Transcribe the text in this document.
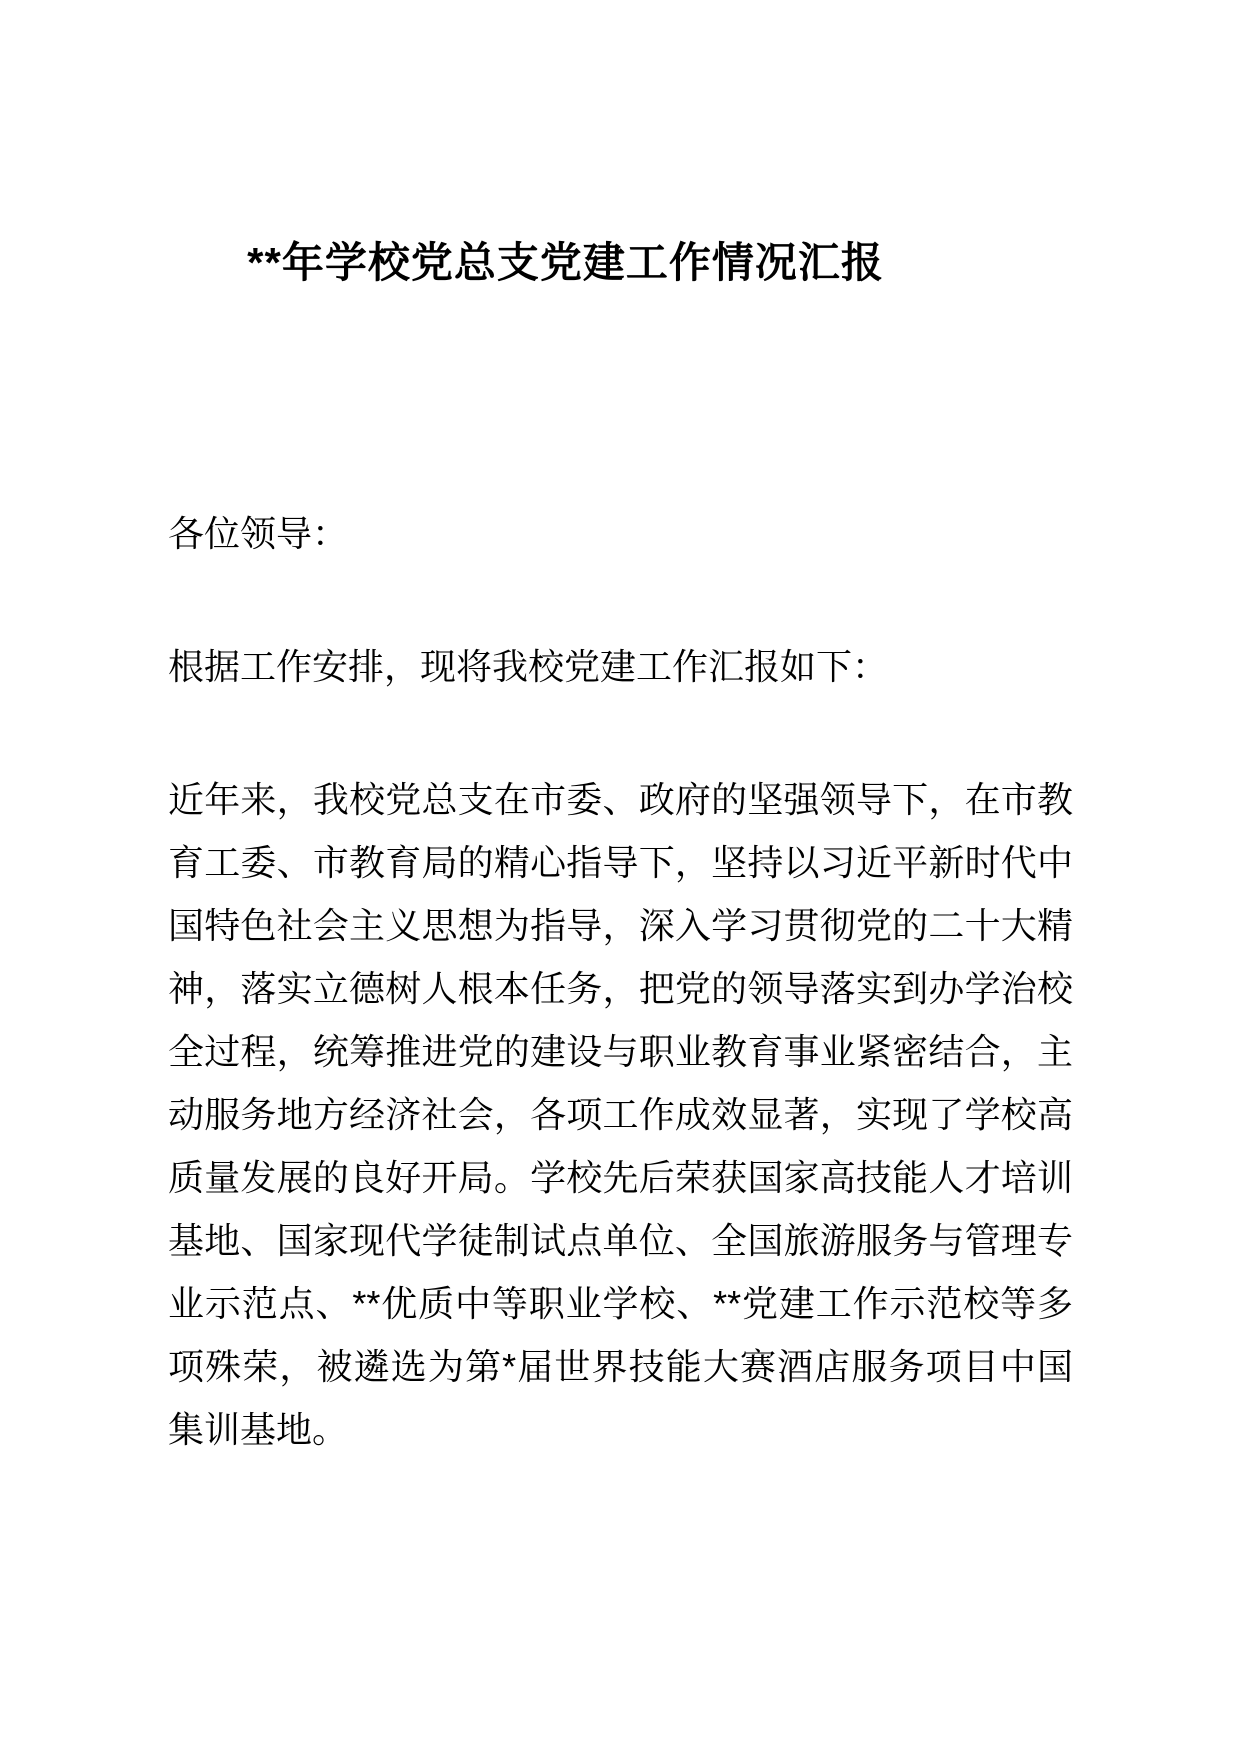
**年学校党总支党建工作情况汇报

各位领导：

根据工作安排，现将我校党建工作汇报如下：

近年来，我校党总支在市委、政府的坚强领导下，在市教育工委、市教育局的精心指导下，坚持以习近平新时代中国特色社会主义思想为指导，深入学习贯彻党的二十大精神，落实立德树人根本任务，把党的领导落实到办学治校全过程，统筹推进党的建设与职业教育事业紧密结合，主动服务地方经济社会，各项工作成效显著，实现了学校高质量发展的良好开局。学校先后荣获国家高技能人才培训基地、国家现代学徒制试点单位、全国旅游服务与管理专业示范点、**优质中等职业学校、**党建工作示范校等多项殊荣，被遴选为第*届世界技能大赛酒店服务项目中国集训基地。
